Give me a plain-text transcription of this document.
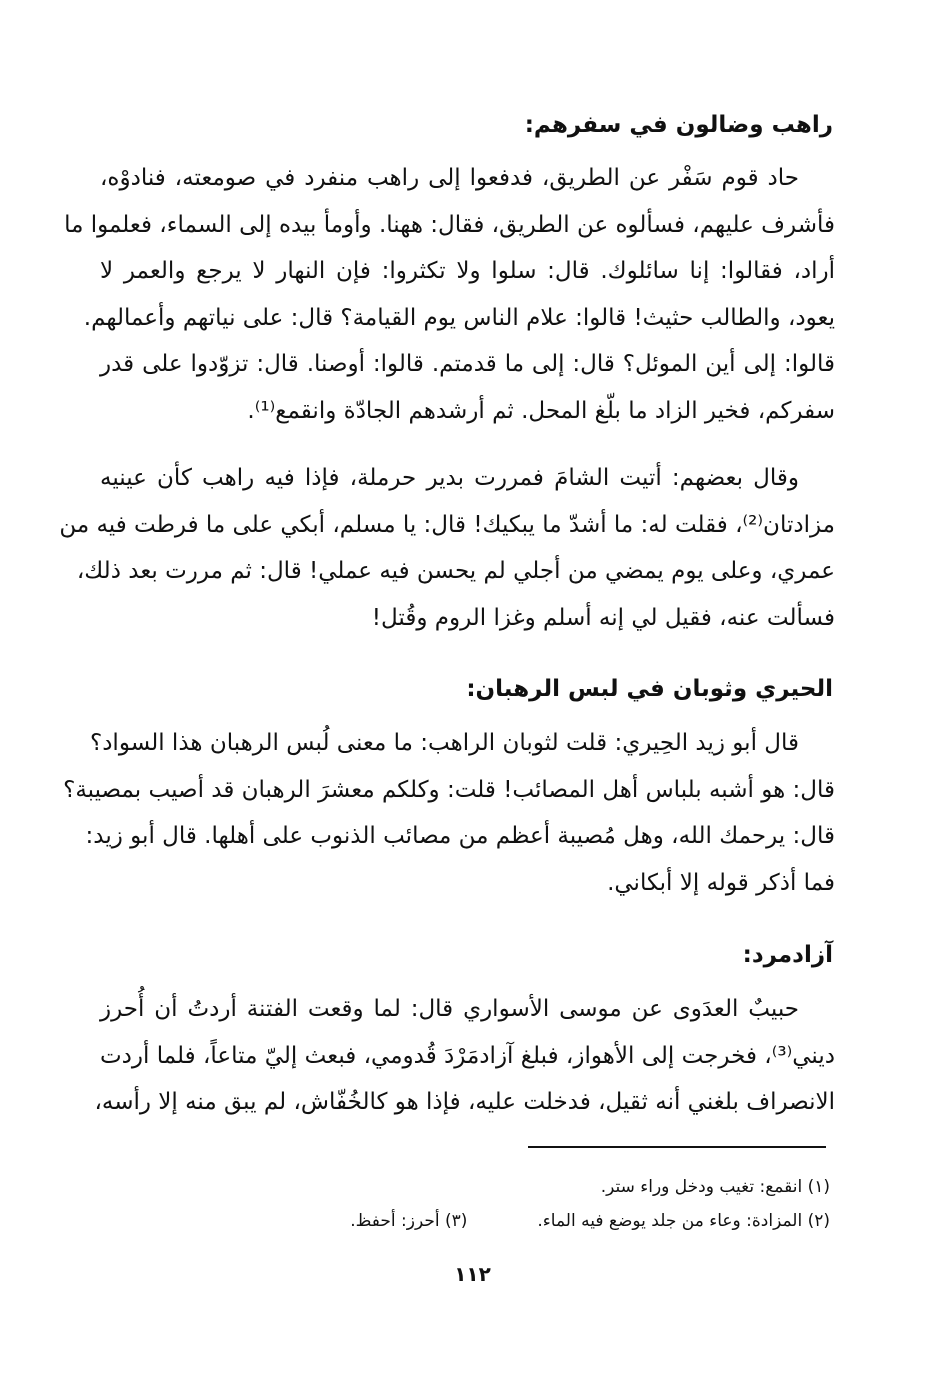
راهب وضالون في سفرهم:
حاد قوم سَفْر عن الطريق، فدفعوا إلى راهب منفرد في صومعته، فنادوْه،
فأشرف عليهم، فسألوه عن الطريق، فقال: ههنا. وأومأ بيده إلى السماء، فعلموا ما
أراد، فقالوا: إنا سائلوك. قال: سلوا ولا تكثروا: فإن النهار لا يرجع والعمر لا
يعود، والطالب حثيث! قالوا: علام الناس يوم القيامة؟ قال: على نياتهم وأعمالهم.
قالوا: إلى أين الموئل؟ قال: إلى ما قدمتم. قالوا: أوصنا. قال: تزوّدوا على قدر
سفركم، فخير الزاد ما بلّغ المحل. ثم أرشدهم الجادّة وانقمع⁽¹⁾.
وقال بعضهم: أتيت الشامَ فمررت بدير حرملة، فإذا فيه راهب كأن عينيه
مزادتان⁽²⁾، فقلت له: ما أشدّ ما يبكيك! قال: يا مسلم، أبكي على ما فرطت فيه من
عمري، وعلى يوم يمضي من أجلي لم يحسن فيه عملي! قال: ثم مررت بعد ذلك،
فسألت عنه، فقيل لي إنه أسلم وغزا الروم وقُتل!
الحيري وثوبان في لبس الرهبان:
قال أبو زيد الحِيري: قلت لثوبان الراهب: ما معنى لُبس الرهبان هذا السواد؟
قال: هو أشبه بلباس أهل المصائب! قلت: وكلكم معشرَ الرهبان قد أصيب بمصيبة؟
قال: يرحمك الله، وهل مُصيبة أعظم من مصائب الذنوب على أهلها. قال أبو زيد:
فما أذكر قوله إلا أبكاني.
آزادمرد:
حبيبٌ العدَوى عن موسى الأسواري قال: لما وقعت الفتنة أردتُ أن أُحرز
ديني⁽³⁾، فخرجت إلى الأهواز، فبلغ آزادمَرْدَ قُدومي، فبعث إليّ متاعاً، فلما أردت
الانصراف بلغني أنه ثقيل، فدخلت عليه، فإذا هو كالخُفّاش، لم يبق منه إلا رأسه،
(١) انقمع: تغيب ودخل وراء ستر.
(٢) المزادة: وعاء من جلد يوضع فيه الماء.(٣) أحرز: أحفظ.
١١٢
